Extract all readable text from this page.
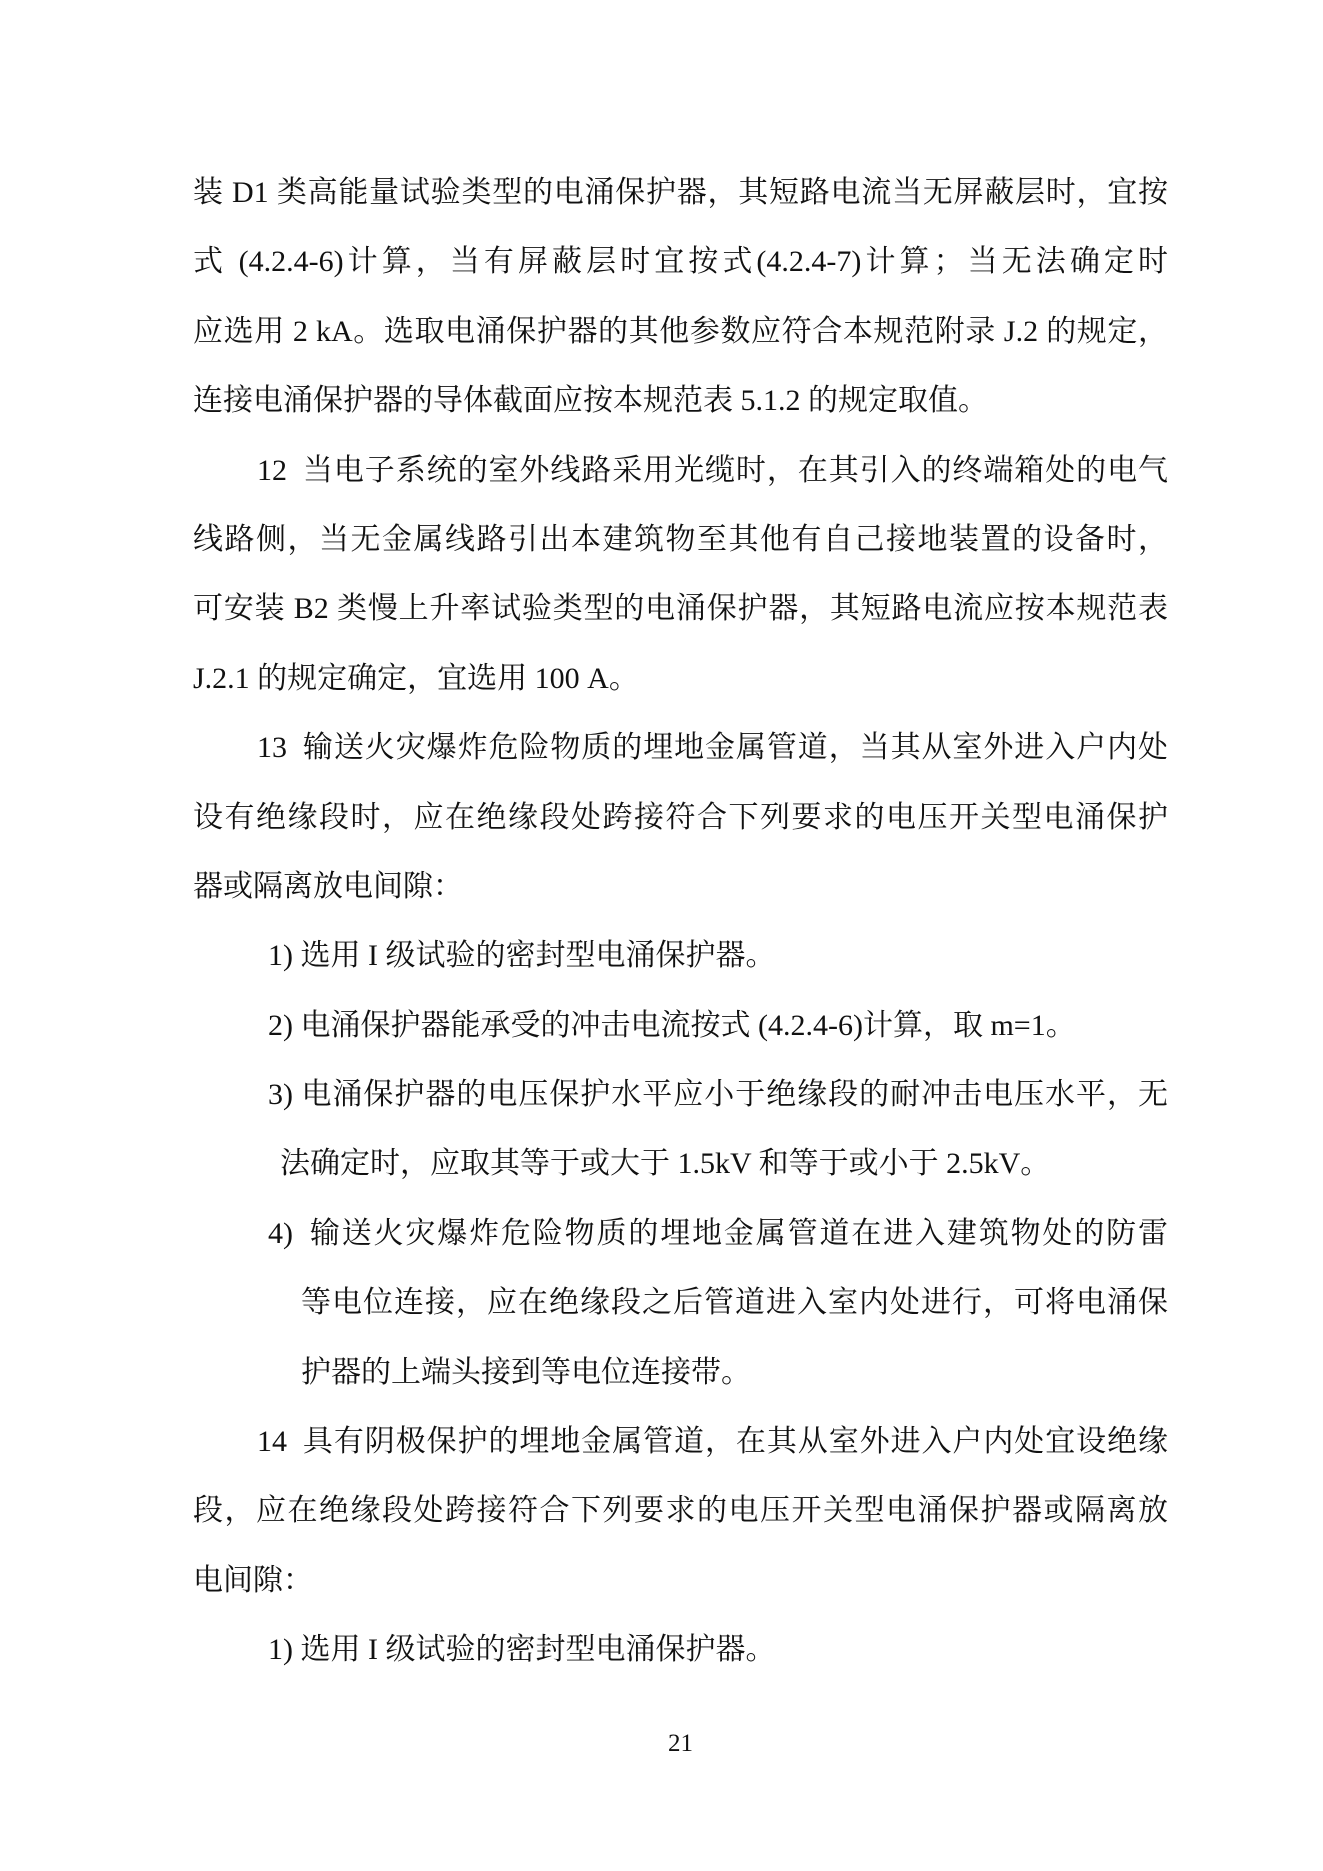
装 D1 类高能量试验类型的电涌保护器，其短路电流当无屏蔽层时，宜按
式 (4.2.4-6)计算，当有屏蔽层时宜按式(4.2.4-7)计算；当无法确定时
应选用 2 kA。选取电涌保护器的其他参数应符合本规范附录 J.2 的规定，
连接电涌保护器的导体截面应按本规范表 5.1.2 的规定取值。
12 当电子系统的室外线路采用光缆时，在其引入的终端箱处的电气
线路侧，当无金属线路引出本建筑物至其他有自己接地装置的设备时，
可安装 B2 类慢上升率试验类型的电涌保护器，其短路电流应按本规范表
J.2.1 的规定确定，宜选用 100 A。
13 输送火灾爆炸危险物质的埋地金属管道，当其从室外进入户内处
设有绝缘段时，应在绝缘段处跨接符合下列要求的电压开关型电涌保护
器或隔离放电间隙：
1) 选用 I 级试验的密封型电涌保护器。
2) 电涌保护器能承受的冲击电流按式 (4.2.4-6)计算，取 m=1。
3) 电涌保护器的电压保护水平应小于绝缘段的耐冲击电压水平，无
法确定时，应取其等于或大于 1.5kV 和等于或小于 2.5kV。
4) 输送火灾爆炸危险物质的埋地金属管道在进入建筑物处的防雷
等电位连接，应在绝缘段之后管道进入室内处进行，可将电涌保
护器的上端头接到等电位连接带。
14 具有阴极保护的埋地金属管道，在其从室外进入户内处宜设绝缘
段，应在绝缘段处跨接符合下列要求的电压开关型电涌保护器或隔离放
电间隙：
1) 选用 I 级试验的密封型电涌保护器。
21
